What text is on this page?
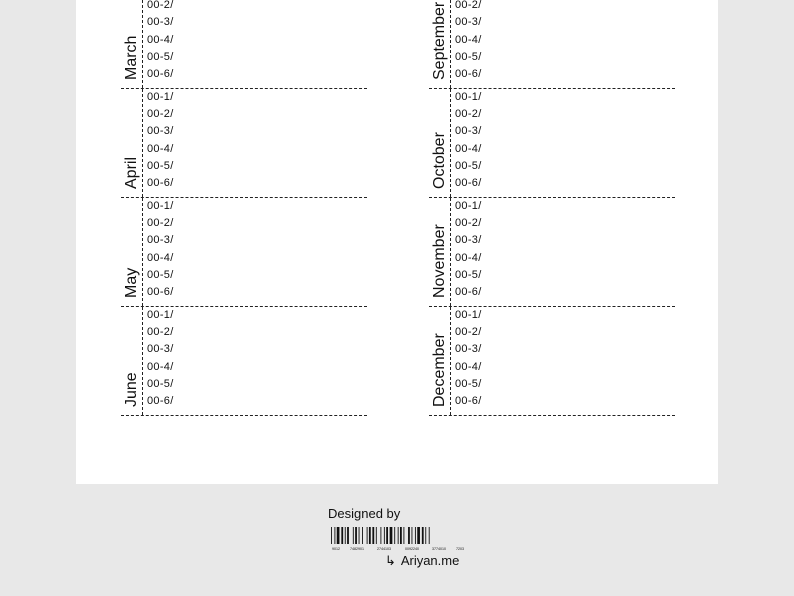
March
00-2/
00-3/
00-4/
00-5/
00-6/
April
00-1/
00-2/
00-3/
00-4/
00-5/
00-6/
May
00-1/
00-2/
00-3/
00-4/
00-5/
00-6/
June
00-1/
00-2/
00-3/
00-4/
00-5/
00-6/
September 00-2/
00-3/
00-4/
00-5/
00-6/
October
00-1/
00-2/
00-3/
00-4/
00-5/
00-6/
November
00-1/
00-2/
00-3/
00-4/
00-5/
00-6/
December
00-1/
00-2/
00-3/
00-4/
00-5/
00-6/
Designed by
9012	7482901	2744103	0092240	3774010	7203
↳ Ariyan.me
